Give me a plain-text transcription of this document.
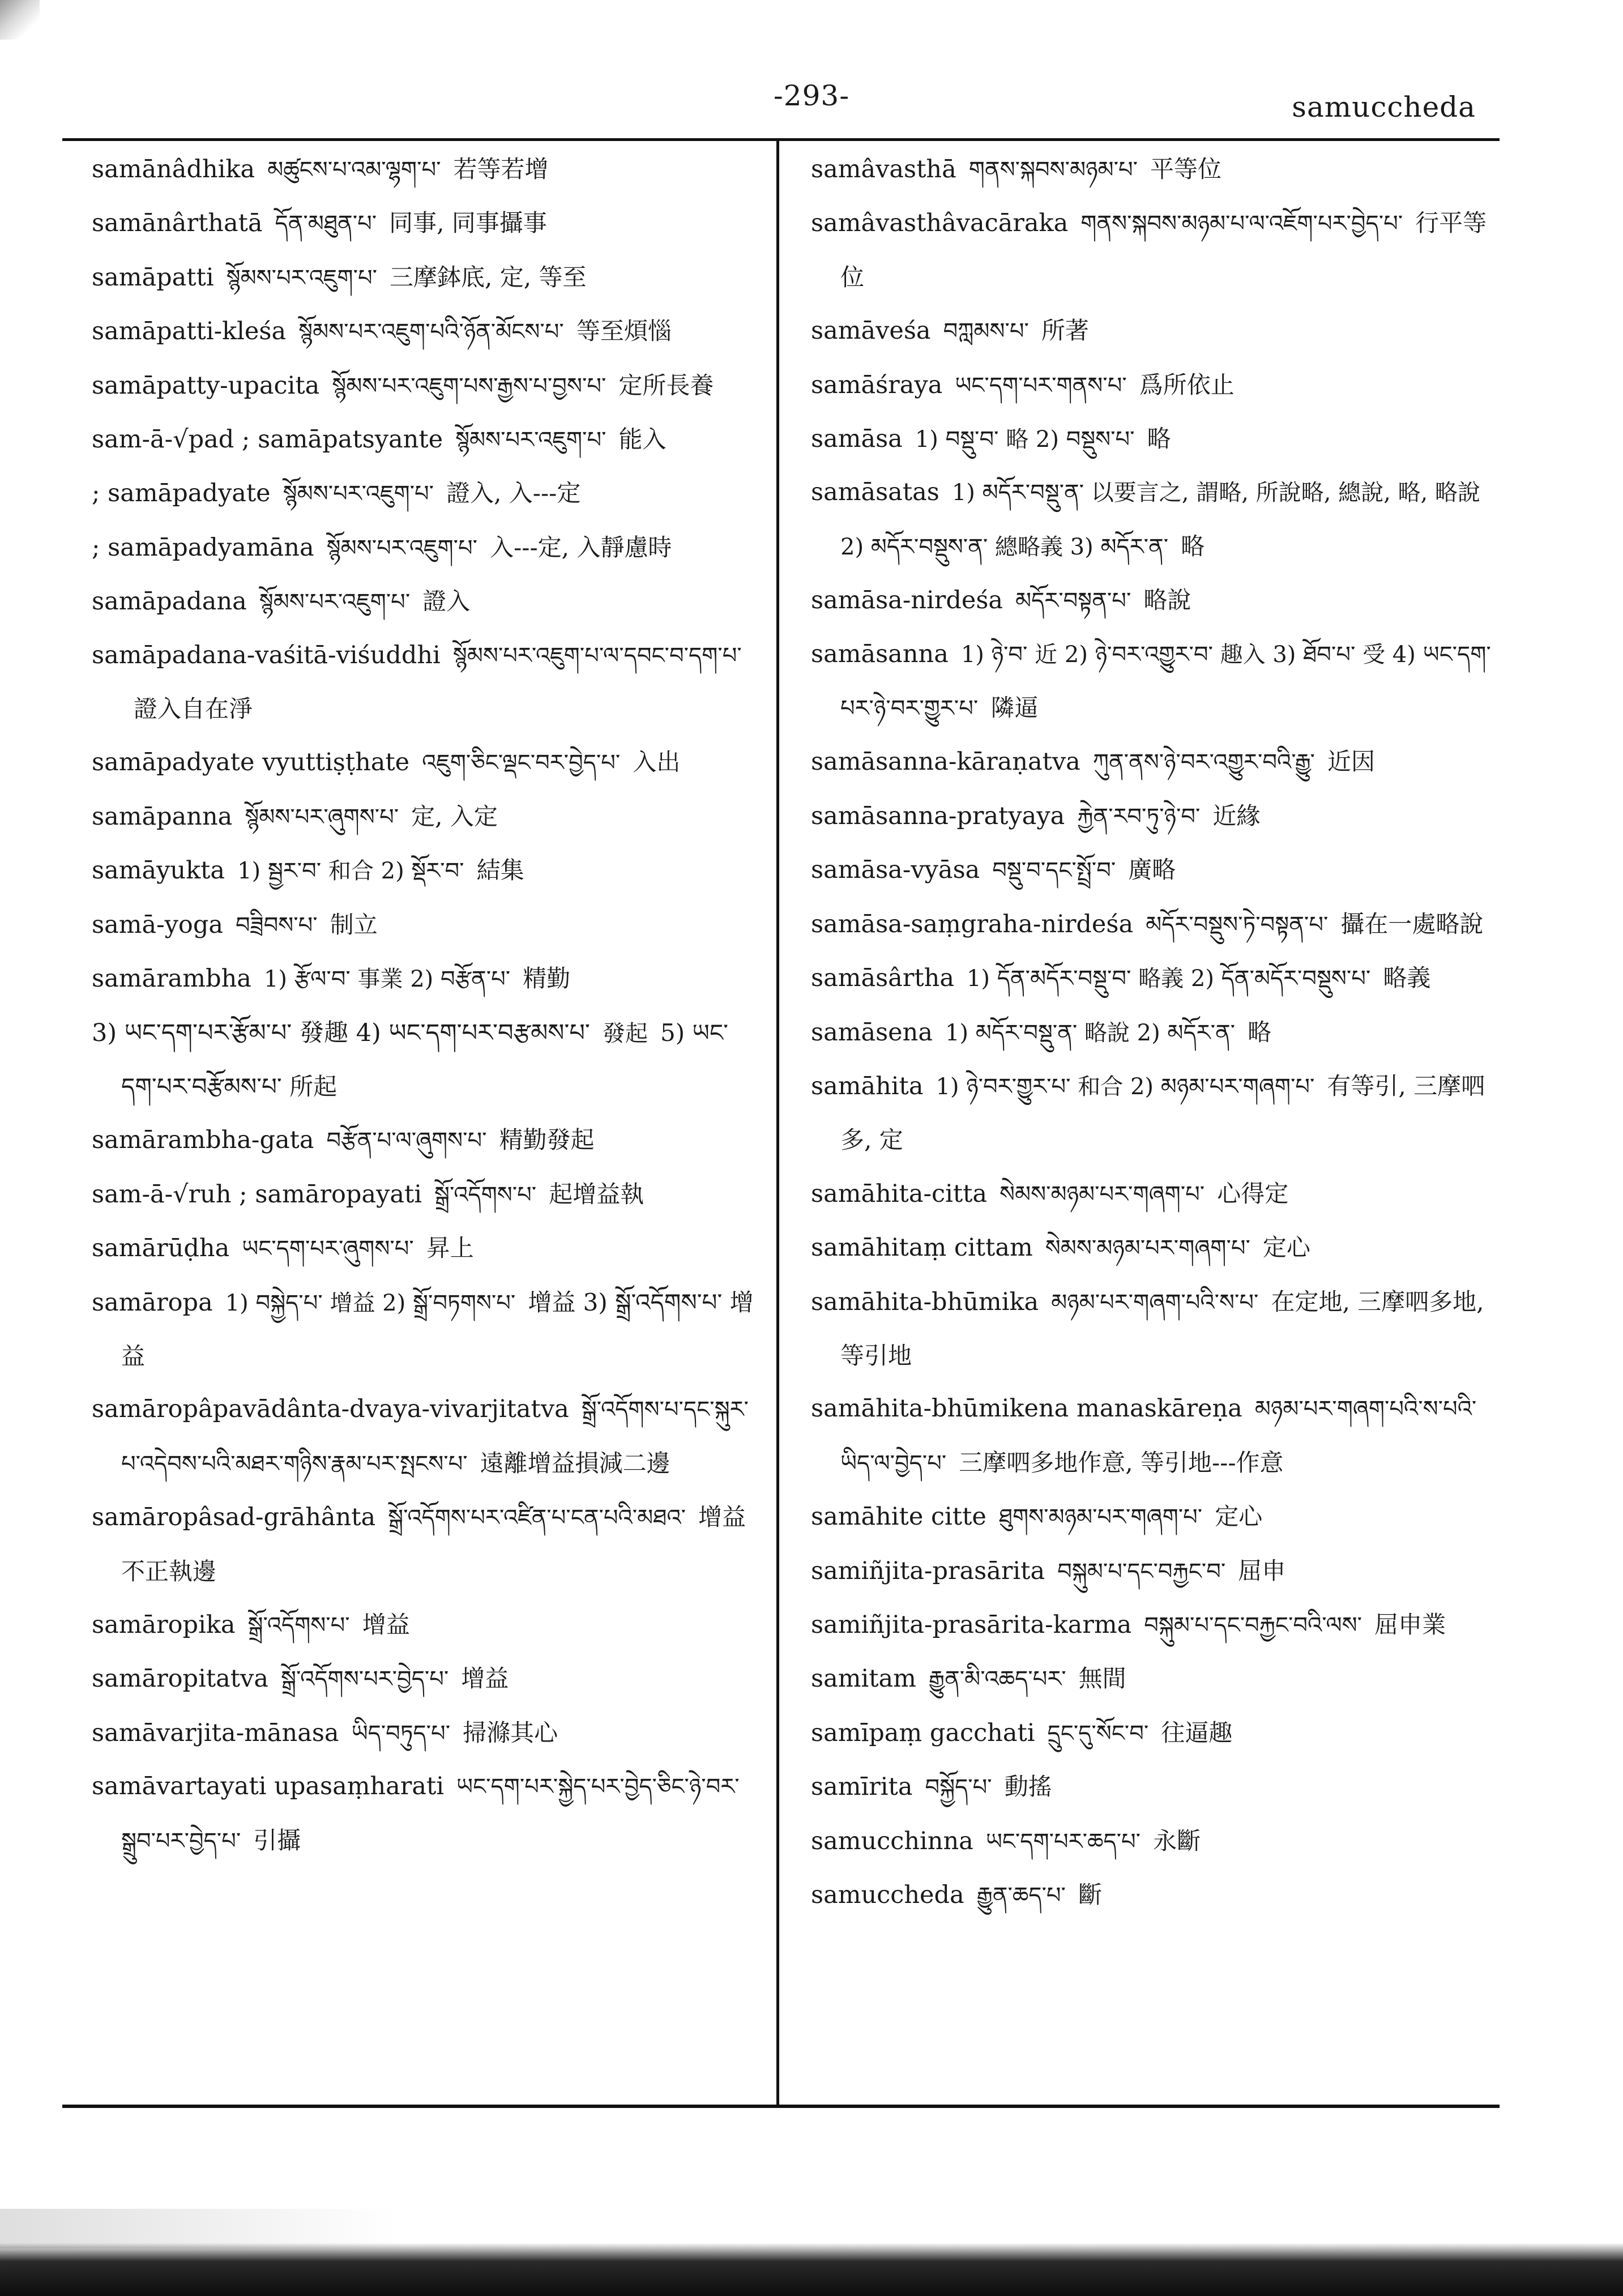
-293-	samuccheda

samānâdhika མཚུངས་པ་འམ་ལྷག་པ་ 若等若增

samānârthatā དོན་མཐུན་པ་ 同事, 同事攝事

samāpatti སྙོམས་པར་འཇུག་པ་ 三摩鉢底, 定, 等至

samāpatti-kleśa སྙོམས་པར་འཇུག་པའི་ཉོན་མོངས་པ་ 等至煩惱

samāpatty-upacita སྙོམས་པར་འཇུག་པས་རྒྱས་པ་བྱས་པ་ 定所長養

sam-ā-√pad ; samāpatsyante སྙོམས་པར་འཇུག་པ་ 能入

; samāpadyate སྙོམས་པར་འཇུག་པ་ 證入, 入---定

; samāpadyamāna སྙོམས་པར་འཇུག་པ་ 入---定, 入靜慮時

samāpadana སྙོམས་པར་འཇུག་པ་ 證入

samāpadana-vaśitā-viśuddhi སྙོམས་པར་འཇུག་པ་ལ་དབང་བ་དག་པ་證入自在淨

samāpadyate vyuttiṣṭhate འཇུག་ཅིང་ལྡང་བར་བྱེད་པ་ 入出

samāpanna སྙོམས་པར་ཞུགས་པ་ 定, 入定

samāyukta 1) སྦྱར་བ་ 和合 2) སྡོར་བ་ 結集

samā-yoga བཟྲིབས་པ་ 制立

samārambha 1) རྩོལ་བ་ 事業 2) བརྩོན་པ་ 精勤

3) ཡང་དག་པར་རྩོམ་པ་ 發趣 4) ཡང་དག་པར་བརྩམས་པ་ 發起 5) ཡང་དག་པར་བརྩོམས་པ་ 所起

samārambha-gata བརྩོན་པ་ལ་ཞུགས་པ་ 精勤發起

sam-ā-√ruh ; samāropayati སྒྲོ་འདོགས་པ་ 起增益執

samārūḍha ཡང་དག་པར་ཞུགས་པ་ 昇上

samāropa 1) བསྐྱེད་པ་ 增益 2) སྒྲོ་བཏགས་པ་ 增益 3) སྒྲོ་འདོགས་པ་ 增益

samāropâpavādânta-dvaya-vivarjitatva སྒྲོ་འདོགས་པ་དང་སྐུར་པ་འདེབས་པའི་མཐར་གཉིས་རྣམ་པར་སྤངས་པ་ 遠離增益損減二邊

samāropâsad-grāhânta སྒྲོ་འདོགས་པར་འཛིན་པ་ངན་པའི་མཐའ་ 增益不正執邊

samāropika སྒྲོ་འདོགས་པ་ 增益

samāropitatva སྒྲོ་འདོགས་པར་བྱེད་པ་ 增益

samāvarjita-mānasa ཡིད་བཏུད་པ་ 掃滌其心

samāvartayati upasaṃharati ཡང་དག་པར་སྐྱེད་པར་བྱེད་ཅིང་ཉེ་བར་སྒྲུབ་པར་བྱེད་པ་ 引攝

samâvasthā གནས་སྐབས་མཉམ་པ་ 平等位

samâvasthâvacāraka གནས་སྐབས་མཉམ་པ་ལ་འཇོག་པར་བྱེད་པ་ 行平等位

samāveśa བཀླམས་པ་ 所著

samāśraya ཡང་དག་པར་གནས་པ་ 爲所依止

samāsa 1) བསྡུ་བ་ 略 2) བསྡུས་པ་ 略

samāsatas 1) མདོར་བསྡུ་ན་ 以要言之, 謂略, 所說略, 總說, 略, 略說 2) མདོར་བསྡུས་ན་ 總略義 3) མདོར་ན་ 略

samāsa-nirdeśa མདོར་བསྟན་པ་ 略說

samāsanna 1) ཉེ་བ་ 近 2) ཉེ་བར་འགྱུར་བ་ 趣入 3) ཐོབ་པ་ 受 4) ཡང་དག་པར་ཉེ་བར་གྱུར་པ་ 隣逼

samāsanna-kāraṇatva ཀུན་ནས་ཉེ་བར་འགྱུར་བའི་རྒྱུ་ 近因

samāsanna-pratyaya རྐྱེན་རབ་ཏུ་ཉེ་བ་ 近緣

samāsa-vyāsa བསྡུ་བ་དང་སྤྲོ་བ་ 廣略

samāsa-saṃgraha-nirdeśa མདོར་བསྡུས་ཏེ་བསྟན་པ་ 攝在一處略說

samāsârtha 1) དོན་མདོར་བསྡུ་བ་ 略義 2) དོན་མདོར་བསྡུས་པ་ 略義

samāsena 1) མདོར་བསྡུ་ན་ 略說 2) མདོར་ན་ 略

samāhita 1) ཉེ་བར་གྱུར་པ་ 和合 2) མཉམ་པར་གཞག་པ་ 有等引, 三摩呬多, 定

samāhita-citta སེམས་མཉམ་པར་གཞག་པ་ 心得定

samāhitaṃ cittam སེམས་མཉམ་པར་གཞག་པ་ 定心

samāhita-bhūmika མཉམ་པར་གཞག་པའི་ས་པ་ 在定地, 三摩呬多地, 等引地

samāhita-bhūmikena manaskāreṇa མཉམ་པར་གཞག་པའི་ས་པའི་ཡིད་ལ་བྱེད་པ་ 三摩呬多地作意, 等引地---作意

samāhite citte ཐུགས་མཉམ་པར་གཞག་པ་ 定心

samiñjita-prasārita བསྐུམ་པ་དང་བརྐྱང་བ་ 屈申

samiñjita-prasārita-karma བསྐུམ་པ་དང་བརྐྱང་བའི་ལས་ 屈申業

samitam རྒྱུན་མི་འཆད་པར་ 無間

samīpaṃ gacchati དྲུང་དུ་སོང་བ་ 往逼趣

samīrita བསྐྱོད་པ་ 動搖

samucchinna ཡང་དག་པར་ཆད་པ་ 永斷

samuccheda རྒྱུན་ཆད་པ་ 斷
